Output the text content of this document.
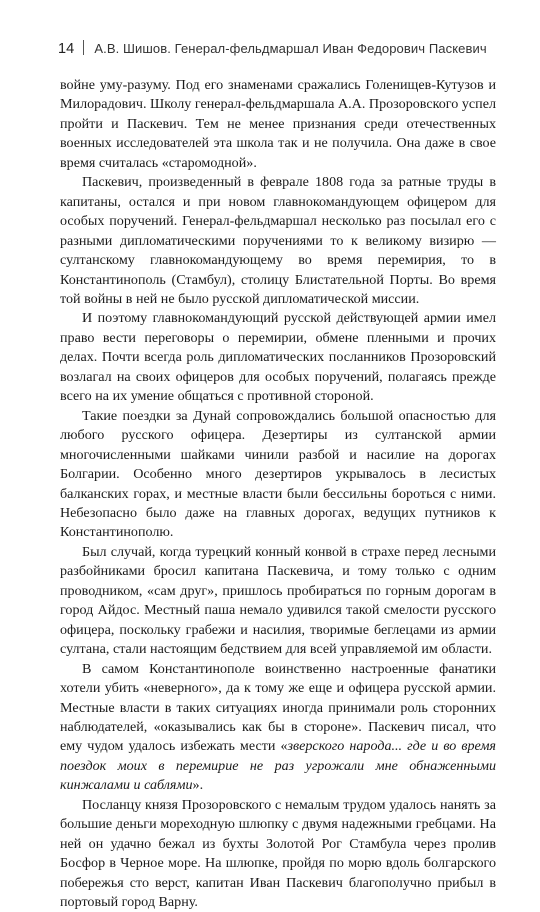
14 А.В. Шишов. Генерал-фельдмаршал Иван Федорович Паскевич

войне уму-разуму. Под его знаменами сражались Голенищев-Кутузов и Милорадович. Школу генерал-фельдмаршала А.А. Прозоровского успел пройти и Паскевич. Тем не менее признания среди отечественных военных исследователей эта школа так и не получила. Она даже в свое время считалась «старомодной».

Паскевич, произведенный в феврале 1808 года за ратные труды в капитаны, остался и при новом главнокомандующем офицером для особых поручений. Генерал-фельдмаршал несколько раз посылал его с разными дипломатическими поручениями то к великому визирю — султанскому главнокомандующему во время перемирия, то в Константинополь (Стамбул), столицу Блистательной Порты. Во время той войны в ней не было русской дипломатической миссии.

И поэтому главнокомандующий русской действующей армии имел право вести переговоры о перемирии, обмене пленными и прочих делах. Почти всегда роль дипломатических посланников Прозоровский возлагал на своих офицеров для особых поручений, полагаясь прежде всего на их умение общаться с противной стороной.

Такие поездки за Дунай сопровождались большой опасностью для любого русского офицера. Дезертиры из султанской армии многочисленными шайками чинили разбой и насилие на дорогах Болгарии. Особенно много дезертиров укрывалось в лесистых балканских горах, и местные власти были бессильны бороться с ними. Небезопасно было даже на главных дорогах, ведущих путников к Константинополю.

Был случай, когда турецкий конный конвой в страхе перед лесными разбойниками бросил капитана Паскевича, и тому только с одним проводником, «сам друг», пришлось пробираться по горным дорогам в город Айдос. Местный паша немало удивился такой смелости русского офицера, поскольку грабежи и насилия, творимые беглецами из армии султана, стали настоящим бедствием для всей управляемой им области.

В самом Константинополе воинственно настроенные фанатики хотели убить «неверного», да к тому же еще и офицера русской армии. Местные власти в таких ситуациях иногда принимали роль сторонних наблюдателей, «оказывались как бы в стороне». Паскевич писал, что ему чудом удалось избежать мести «зверского народа... где и во время поездок моих в перемирие не раз угрожали мне обнаженными кинжалами и саблями».

Посланцу князя Прозоровского с немалым трудом удалось нанять за большие деньги мореходную шлюпку с двумя надежными гребцами. На ней он удачно бежал из бухты Золотой Рог Стамбула через пролив Босфор в Черное море. На шлюпке, пройдя по морю вдоль болгарского побережья сто верст, капитан Иван Паскевич благополучно прибыл в портовый город Варну.
